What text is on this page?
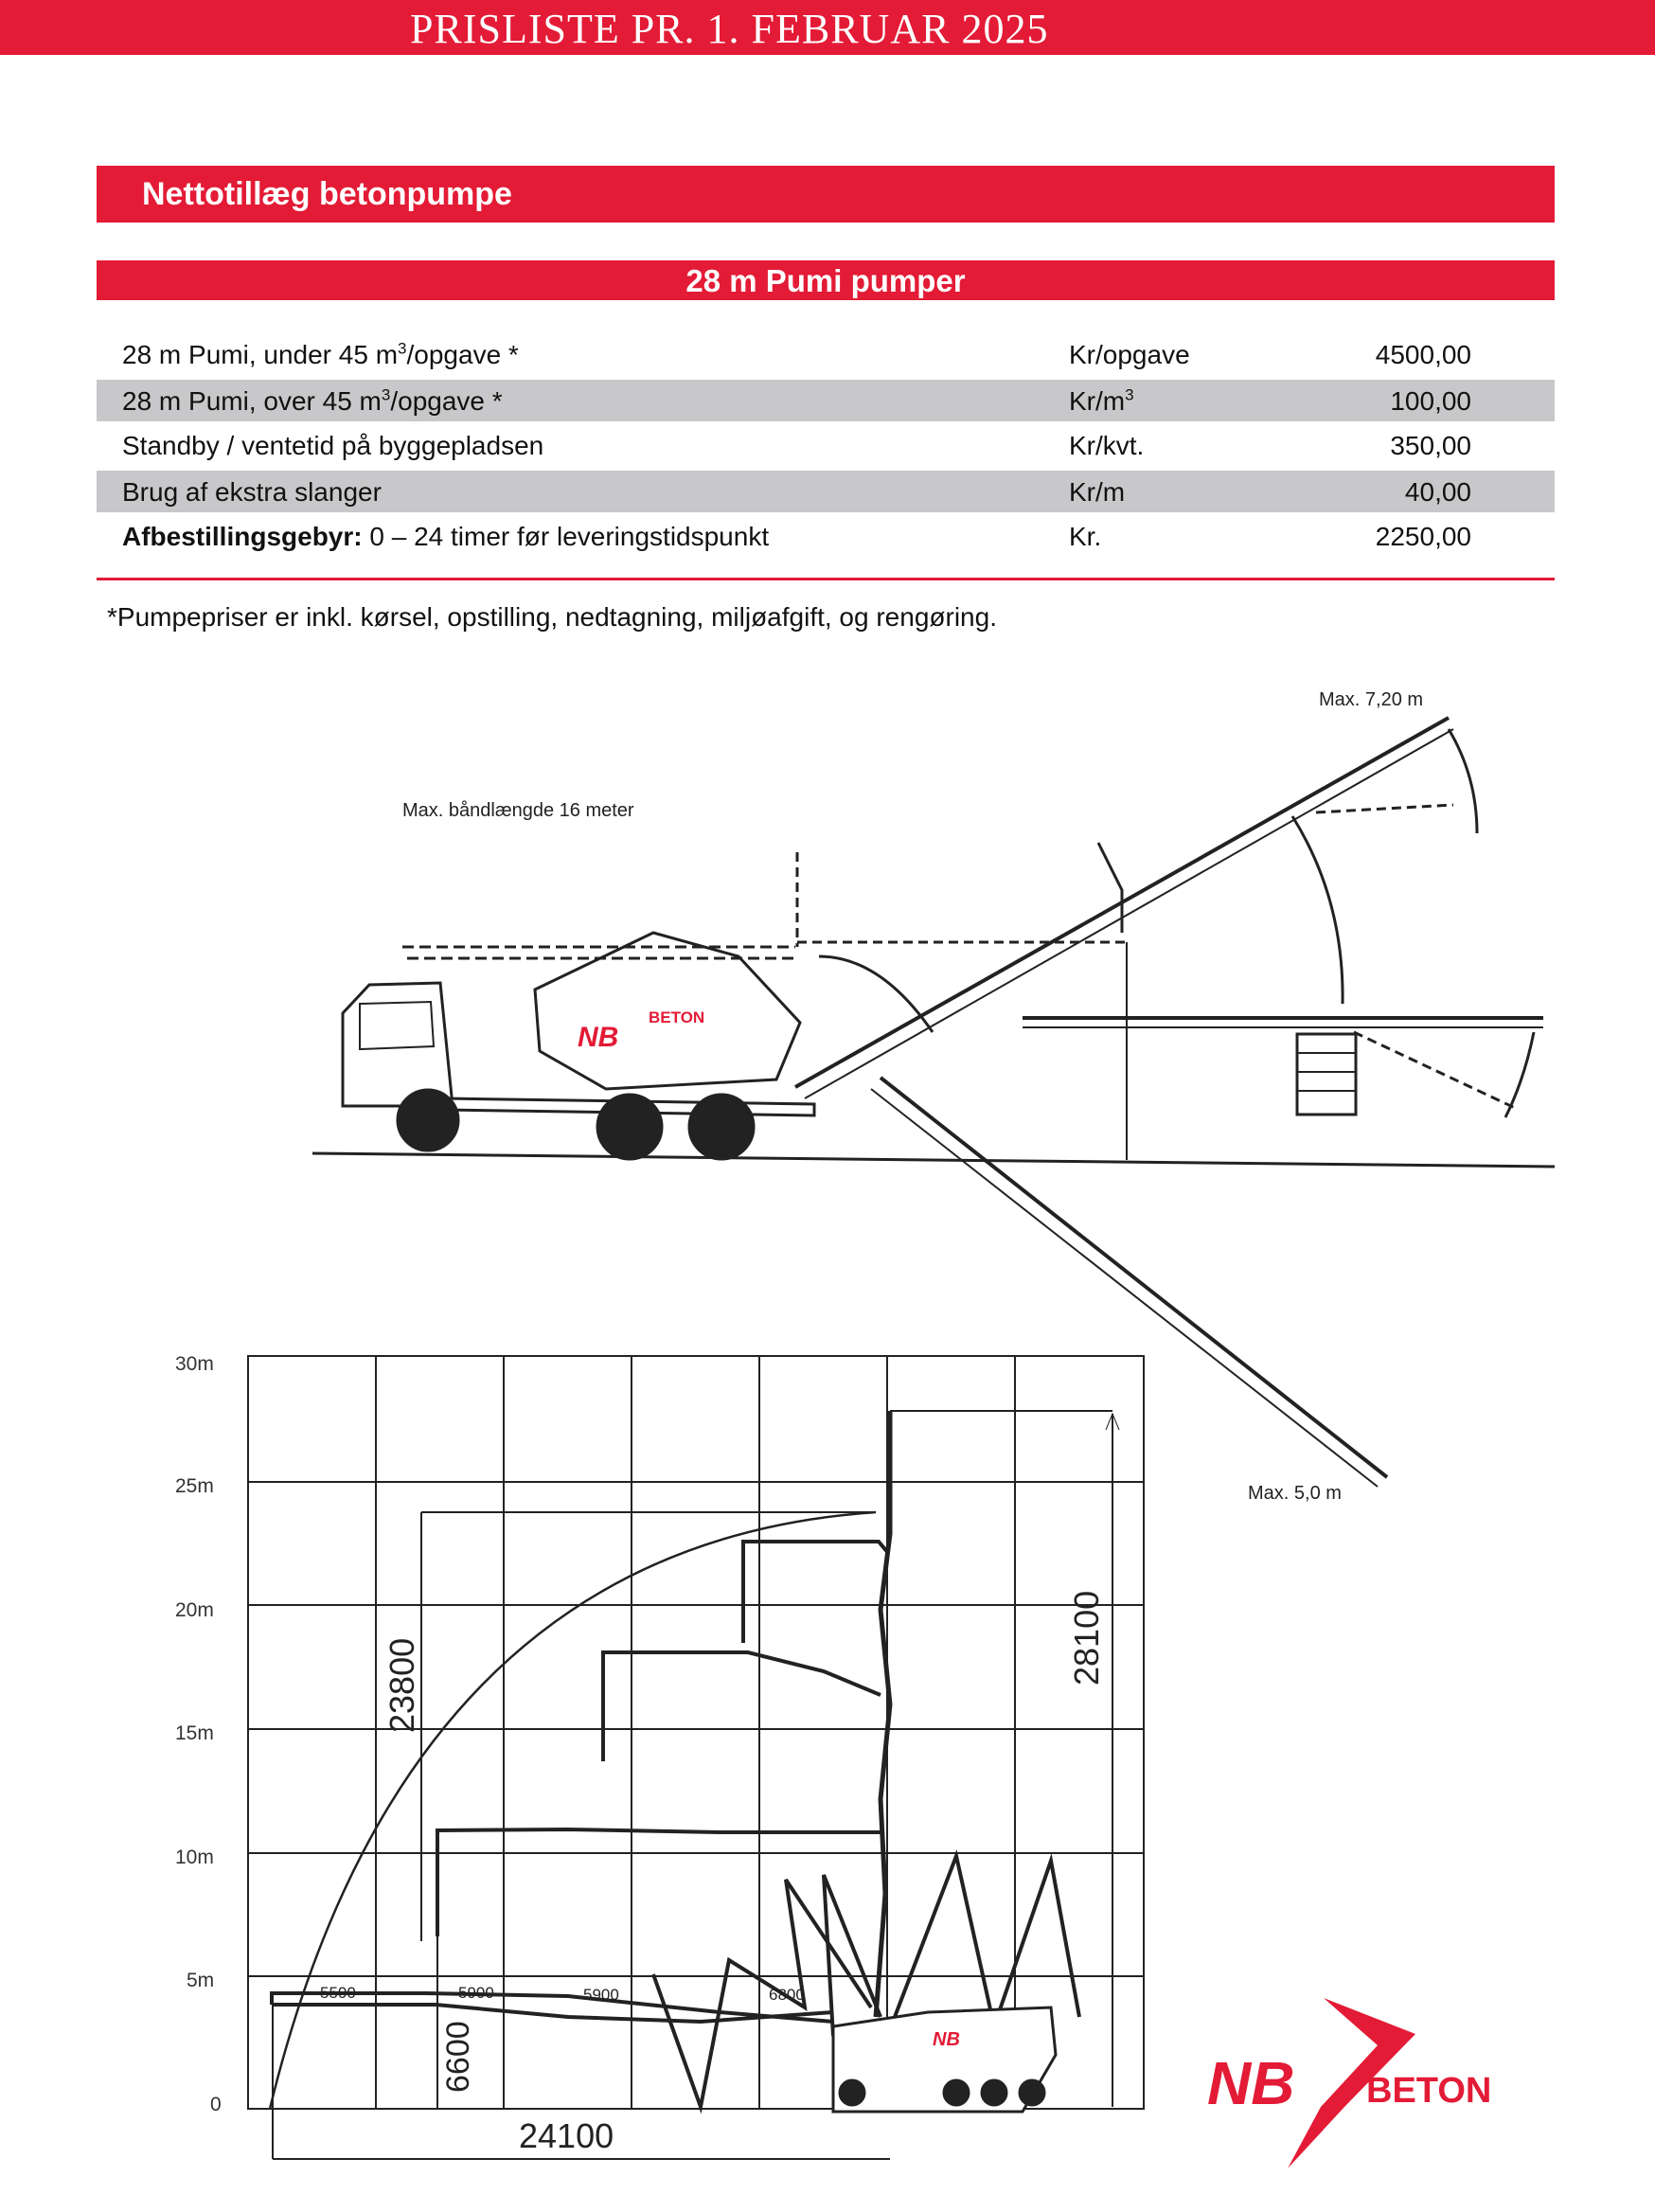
PRISLISTE PR. 1. FEBRUAR 2025
Nettotillæg betonpumpe
28 m Pumi pumper
28 m Pumi, under 45 $m^3$/opgave *	Kr/opgave	4500,00
28 m Pumi, over 45 $m^3$/opgave *	$Kr/m^3$	100,00
Standby / ventetid på byggepladsen	Kr/kvt.	350,00
Brug af ekstra slanger	Kr/m	40,00
Afbestillingsgebyr: 0 – 24 timer før leveringstidspunkt	Kr.	2250,00
*Pumpepriser er inkl. kørsel, opstilling, nedtagning, miljøafgift, og rengøring.
NB
BETON
Max. båndlængde 16 meter
Max. 7,20 m
Max. 5,0 m
NB
30m
25m
20m
15m
10m
5m
0
28100
23800
6600
24100
5500	5900	5900	6800
NB BETON
